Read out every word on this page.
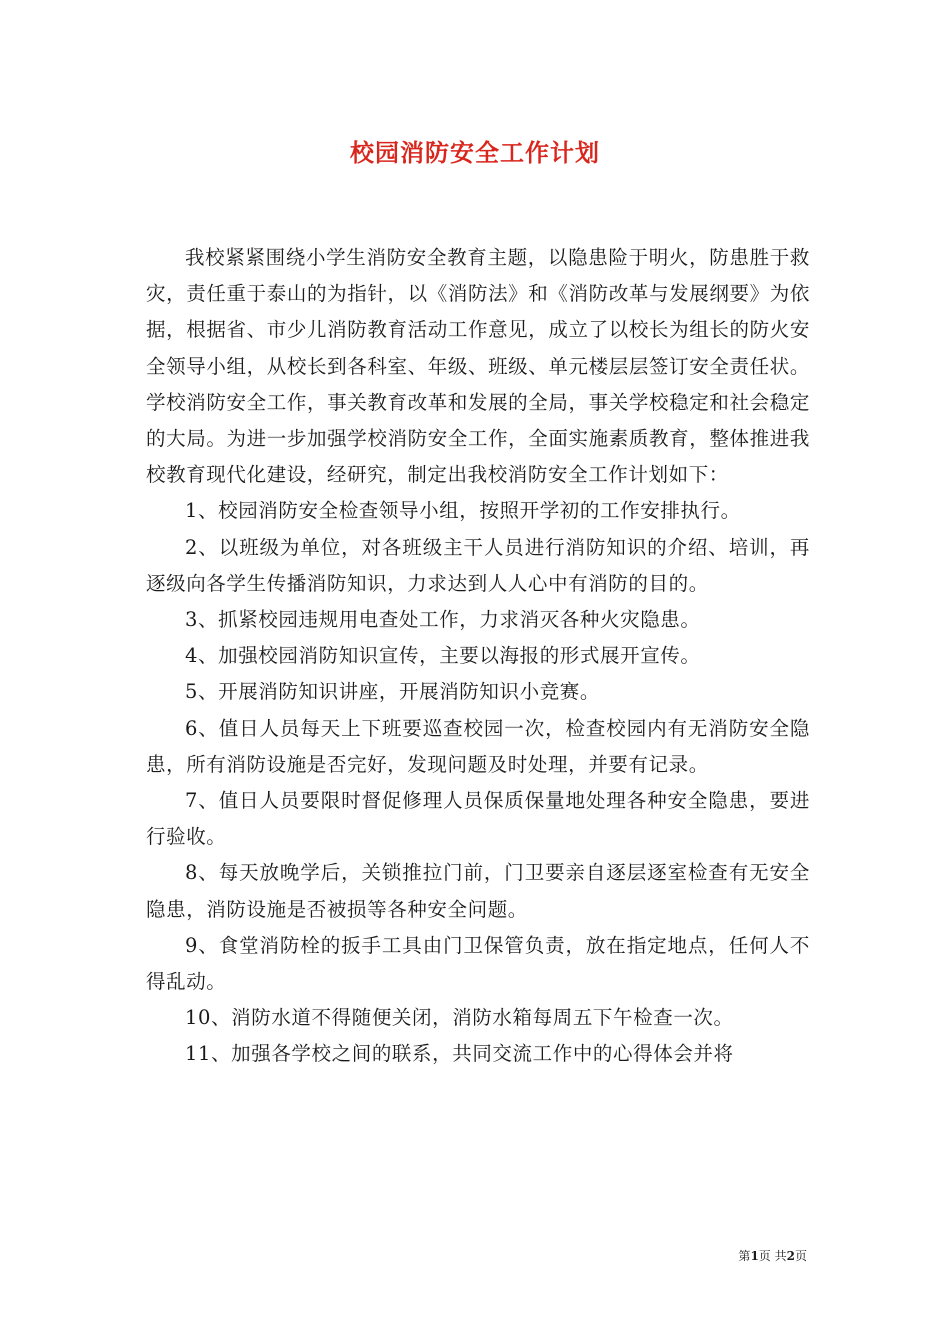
校园消防安全工作计划

我校紧紧围绕小学生消防安全教育主题，以隐患险于明火，防患胜于救灾，责任重于泰山的为指针，以《消防法》和《消防改革与发展纲要》为依据，根据省、市少儿消防教育活动工作意见，成立了以校长为组长的防火安全领导小组，从校长到各科室、年级、班级、单元楼层层签订安全责任状。学校消防安全工作，事关教育改革和发展的全局，事关学校稳定和社会稳定的大局。为进一步加强学校消防安全工作，全面实施素质教育，整体推进我校教育现代化建设，经研究，制定出我校消防安全工作计划如下：

1、校园消防安全检查领导小组，按照开学初的工作安排执行。

2、以班级为单位，对各班级主干人员进行消防知识的介绍、培训，再逐级向各学生传播消防知识，力求达到人人心中有消防的目的。

3、抓紧校园违规用电查处工作，力求消灭各种火灾隐患。

4、加强校园消防知识宣传，主要以海报的形式展开宣传。

5、开展消防知识讲座，开展消防知识小竞赛。

6、值日人员每天上下班要巡查校园一次，检查校园内有无消防安全隐患，所有消防设施是否完好，发现问题及时处理，并要有记录。

7、值日人员要限时督促修理人员保质保量地处理各种安全隐患，要进行验收。

8、每天放晚学后，关锁推拉门前，门卫要亲自逐层逐室检查有无安全隐患，消防设施是否被损等各种安全问题。

9、食堂消防栓的扳手工具由门卫保管负责，放在指定地点，任何人不得乱动。

10、消防水道不得随便关闭，消防水箱每周五下午检查一次。

11、加强各学校之间的联系，共同交流工作中的心得体会并将

第1页 共2页
